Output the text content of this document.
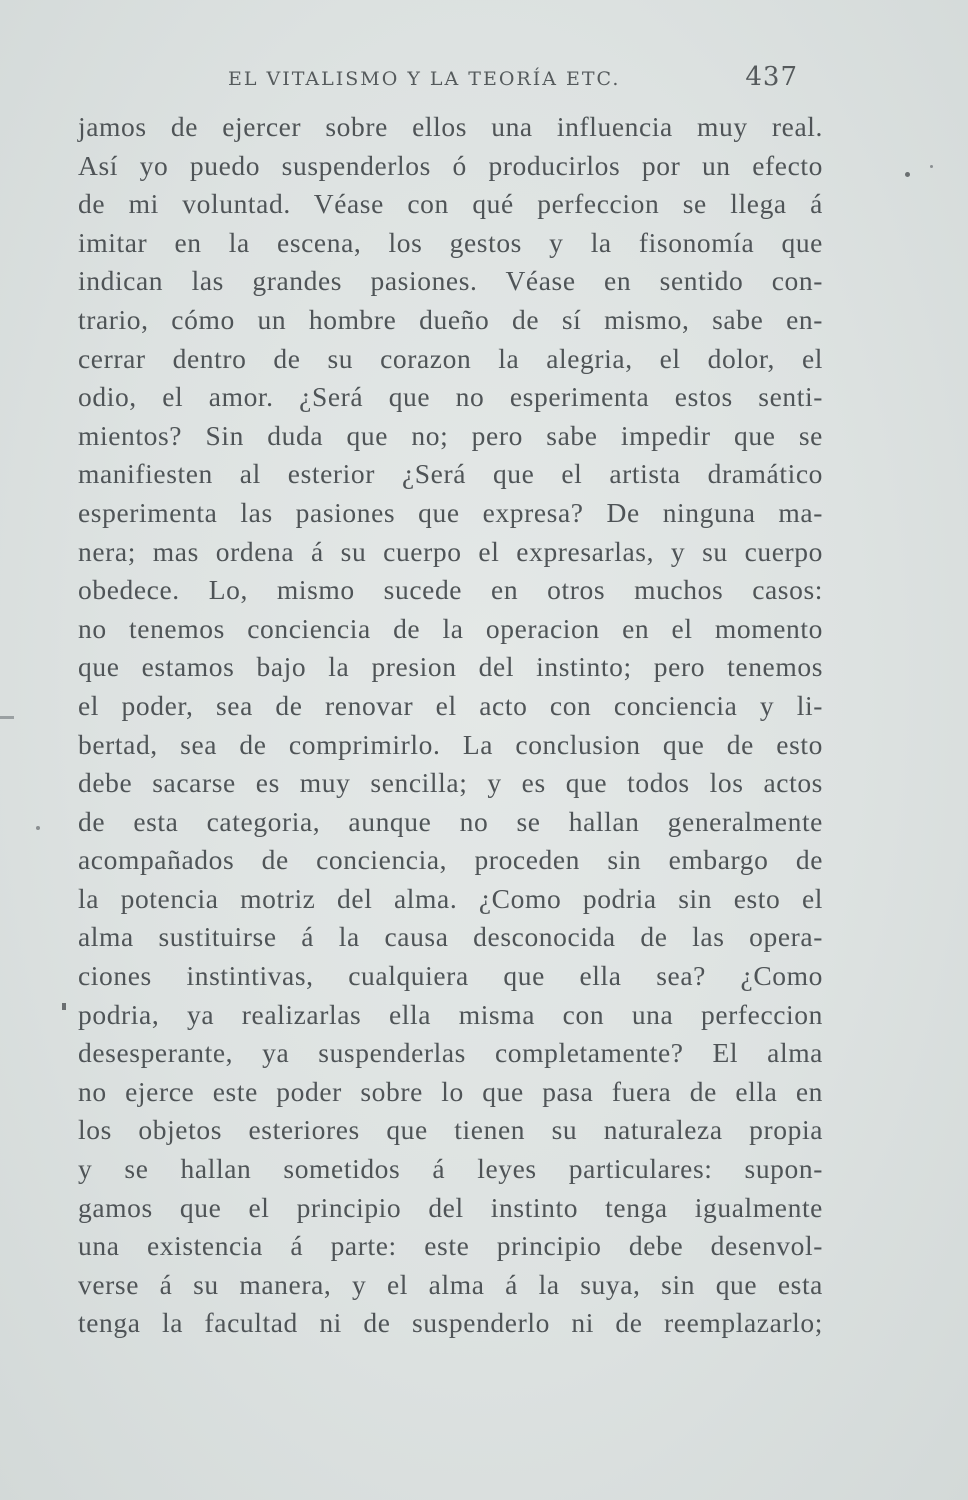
EL VITALISMO Y LA TEORÍA ETC.	437
jamos de ejercer sobre ellos una influencia muy real.
Así yo puedo suspenderlos ó producirlos por un efecto
de mi voluntad. Véase con qué perfeccion se llega á
imitar en la escena, los gestos y la fisonomía que
indican las grandes pasiones. Véase en sentido con-
trario, cómo un hombre dueño de sí mismo, sabe en-
cerrar dentro de su corazon la alegria, el dolor, el
odio, el amor. ¿Será que no esperimenta estos senti-
mientos? Sin duda que no; pero sabe impedir que se
manifiesten al esterior ¿Será que el artista dramático
esperimenta las pasiones que expresa? De ninguna ma-
nera; mas ordena á su cuerpo el expresarlas, y su cuerpo
obedece. Lo, mismo sucede en otros muchos casos:
no tenemos conciencia de la operacion en el momento
que estamos bajo la presion del instinto; pero tenemos
el poder, sea de renovar el acto con conciencia y li-
bertad, sea de comprimirlo. La conclusion que de esto
debe sacarse es muy sencilla; y es que todos los actos
de esta categoria, aunque no se hallan generalmente
acompañados de conciencia, proceden sin embargo de
la potencia motriz del alma. ¿Como podria sin esto el
alma sustituirse á la causa desconocida de las opera-
ciones instintivas, cualquiera que ella sea? ¿Como
podria, ya realizarlas ella misma con una perfeccion
desesperante, ya suspenderlas completamente? El alma
no ejerce este poder sobre lo que pasa fuera de ella en
los objetos esteriores que tienen su naturaleza propia
y se hallan sometidos á leyes particulares: supon-
gamos que el principio del instinto tenga igualmente
una existencia á parte: este principio debe desenvol-
verse á su manera, y el alma á la suya, sin que esta
tenga la facultad ni de suspenderlo ni de reemplazarlo;
